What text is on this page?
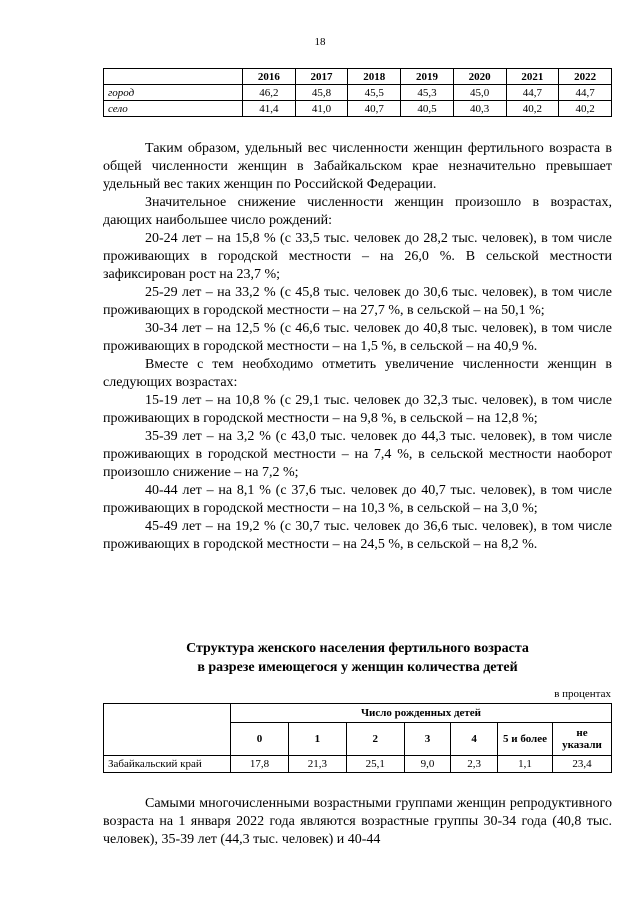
18
	2016	2017	2018	2019	2020	2021	2022
город	46,2	45,8	45,5	45,3	45,0	44,7	44,7
село	41,4	41,0	40,7	40,5	40,3	40,2	40,2

Таким образом, удельный вес численности женщин фертильного возраста в общей численности женщин в Забайкальском крае незначительно превышает удельный вес таких женщин по Российской Федерации.

Значительное снижение численности женщин произошло в возрастах, дающих наибольшее число рождений:

20-24 лет – на 15,8 % (с 33,5 тыс. человек до 28,2 тыс. человек), в том числе проживающих в городской местности – на 26,0 %. В сельской местности зафиксирован рост на 23,7 %;

25-29 лет – на 33,2 % (с 45,8 тыс. человек до 30,6 тыс. человек), в том числе проживающих в городской местности – на 27,7 %, в сельской – на 50,1 %;

30-34 лет – на 12,5 % (с 46,6 тыс. человек до 40,8 тыс. человек), в том числе проживающих в городской местности – на 1,5 %, в сельской – на 40,9 %.

Вместе с тем необходимо отметить увеличение численности женщин в следующих возрастах:

15-19 лет – на 10,8 % (с 29,1 тыс. человек до 32,3 тыс. человек), в том числе проживающих в городской местности – на 9,8 %, в сельской – на 12,8 %;

35-39 лет – на 3,2 % (с 43,0 тыс. человек до 44,3 тыс. человек), в том числе проживающих в городской местности – на 7,4 %, в сельской местности наоборот произошло снижение – на 7,2 %;

40-44 лет – на 8,1 % (с 37,6 тыс. человек до 40,7 тыс. человек), в том числе проживающих в городской местности – на 10,3 %, в сельской – на 3,0 %;

45-49 лет – на 19,2 % (с 30,7 тыс. человек до 36,6 тыс. человек), в том числе проживающих в городской местности – на 24,5 %, в сельской – на 8,2 %.

Структура женского населения фертильного возраста
в разрезе имеющегося у женщин количества детей
в процентах
	Число рожденных детей						
	0	1	2	3	4	5 и более	не указали
Забайкальский край	17,8	21,3	25,1	9,0	2,3	1,1	23,4

Самыми многочисленными возрастными группами женщин репродуктивного возраста на 1 января 2022 года являются возрастные группы 30-34 года (40,8 тыс. человек), 35-39 лет (44,3 тыс. человек) и 40-44
